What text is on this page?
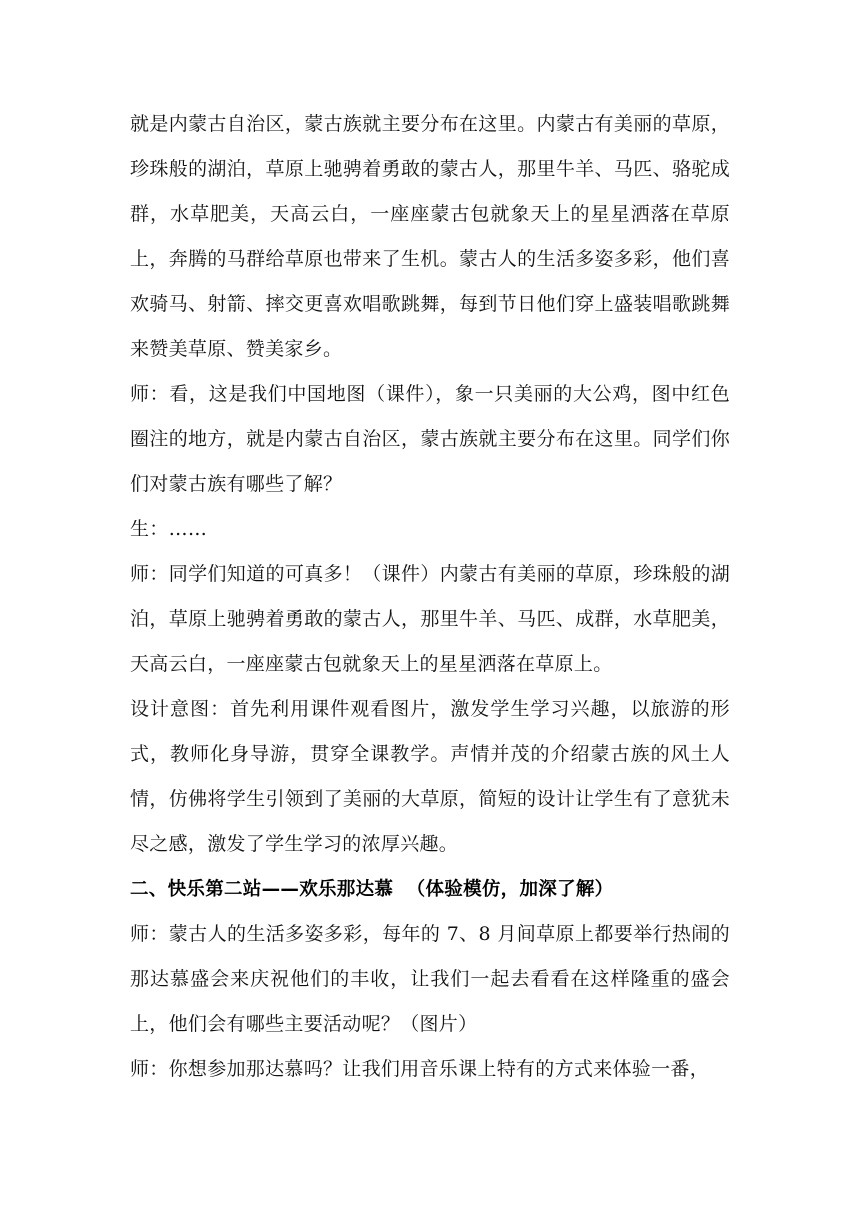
就是内蒙古自治区，蒙古族就主要分布在这里。内蒙古有美丽的草原，珍珠般的湖泊，草原上驰骋着勇敢的蒙古人，那里牛羊、马匹、骆驼成群，水草肥美，天高云白，一座座蒙古包就象天上的星星洒落在草原上，奔腾的马群给草原也带来了生机。蒙古人的生活多姿多彩，他们喜欢骑马、射箭、摔交更喜欢唱歌跳舞，每到节日他们穿上盛装唱歌跳舞来赞美草原、赞美家乡。

师：看，这是我们中国地图（课件），象一只美丽的大公鸡，图中红色圈注的地方，就是内蒙古自治区，蒙古族就主要分布在这里。同学们你们对蒙古族有哪些了解？

生：……

师：同学们知道的可真多！（课件）内蒙古有美丽的草原，珍珠般的湖泊，草原上驰骋着勇敢的蒙古人，那里牛羊、马匹、成群，水草肥美，天高云白，一座座蒙古包就象天上的星星洒落在草原上。

设计意图：首先利用课件观看图片，激发学生学习兴趣，以旅游的形式，教师化身导游，贯穿全课教学。声情并茂的介绍蒙古族的风土人情，仿佛将学生引领到了美丽的大草原，简短的设计让学生有了意犹未尽之感，激发了学生学习的浓厚兴趣。

二、快乐第二站——欢乐那达慕  （体验模仿，加深了解）

师：蒙古人的生活多姿多彩，每年的 7、8 月间草原上都要举行热闹的那达慕盛会来庆祝他们的丰收，让我们一起去看看在这样隆重的盛会上，他们会有哪些主要活动呢？（图片）

师：你想参加那达慕吗？让我们用音乐课上特有的方式来体验一番，
